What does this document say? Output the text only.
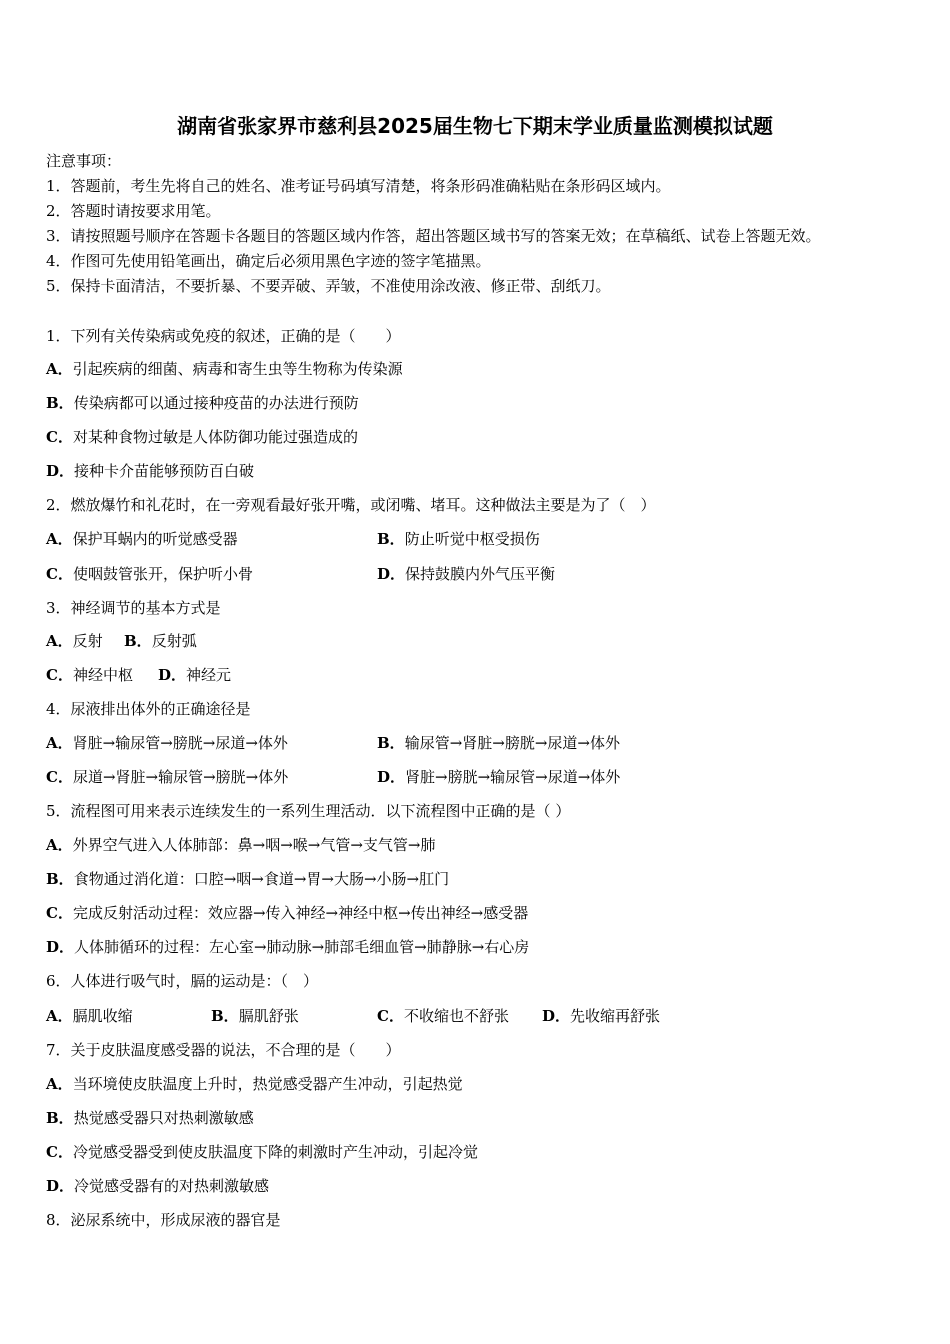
湖南省张家界市慈利县2025届生物七下期末学业质量监测模拟试题
注意事项：
1．答题前，考生先将自己的姓名、准考证号码填写清楚，将条形码准确粘贴在条形码区域内。
2．答题时请按要求用笔。
3．请按照题号顺序在答题卡各题目的答题区域内作答，超出答题区域书写的答案无效；在草稿纸、试卷上答题无效。
4．作图可先使用铅笔画出，确定后必须用黑色字迹的签字笔描黑。
5．保持卡面清洁，不要折暴、不要弄破、弄皱，不准使用涂改液、修正带、刮纸刀。
1．下列有关传染病或免疫的叙述，正确的是（　　）
A．引起疾病的细菌、病毒和寄生虫等生物称为传染源
B．传染病都可以通过接种疫苗的办法进行预防
C．对某种食物过敏是人体防御功能过强造成的
D．接种卡介苗能够预防百白破
2．燃放爆竹和礼花时，在一旁观看最好张开嘴，或闭嘴、堵耳。这种做法主要是为了（　）
A．保护耳蜗内的听觉感受器	B．防止听觉中枢受损伤
C．使咽鼓管张开，保护听小骨	D．保持鼓膜内外气压平衡
3．神经调节的基本方式是
A．反射 B．反射弧
C．神经中枢 D．神经元
4．尿液排出体外的正确途径是
A．肾脏→输尿管→膀胱→尿道→体外	B．输尿管→肾脏→膀胱→尿道→体外
C．尿道→肾脏→输尿管→膀胱→体外	D．肾脏→膀胱→输尿管→尿道→体外
5．流程图可用来表示连续发生的一系列生理活动．以下流程图中正确的是（ ）
A．外界空气进入人体肺部：鼻→咽→喉→气管→支气管→肺
B．食物通过消化道：口腔→咽→食道→胃→大肠→小肠→肛门
C．完成反射活动过程：效应器→传入神经→神经中枢→传出神经→感受器
D．人体肺循环的过程：左心室→肺动脉→肺部毛细血管→肺静脉→右心房
6．人体进行吸气时，膈的运动是：（　）
A．膈肌收缩	B．膈肌舒张	C．不收缩也不舒张 D．先收缩再舒张
7．关于皮肤温度感受器的说法，不合理的是（　　）
A．当环境使皮肤温度上升时，热觉感受器产生冲动，引起热觉
B．热觉感受器只对热刺激敏感
C．冷觉感受器受到使皮肤温度下降的刺激时产生冲动，引起冷觉
D．冷觉感受器有的对热刺激敏感
8．泌尿系统中，形成尿液的器官是
